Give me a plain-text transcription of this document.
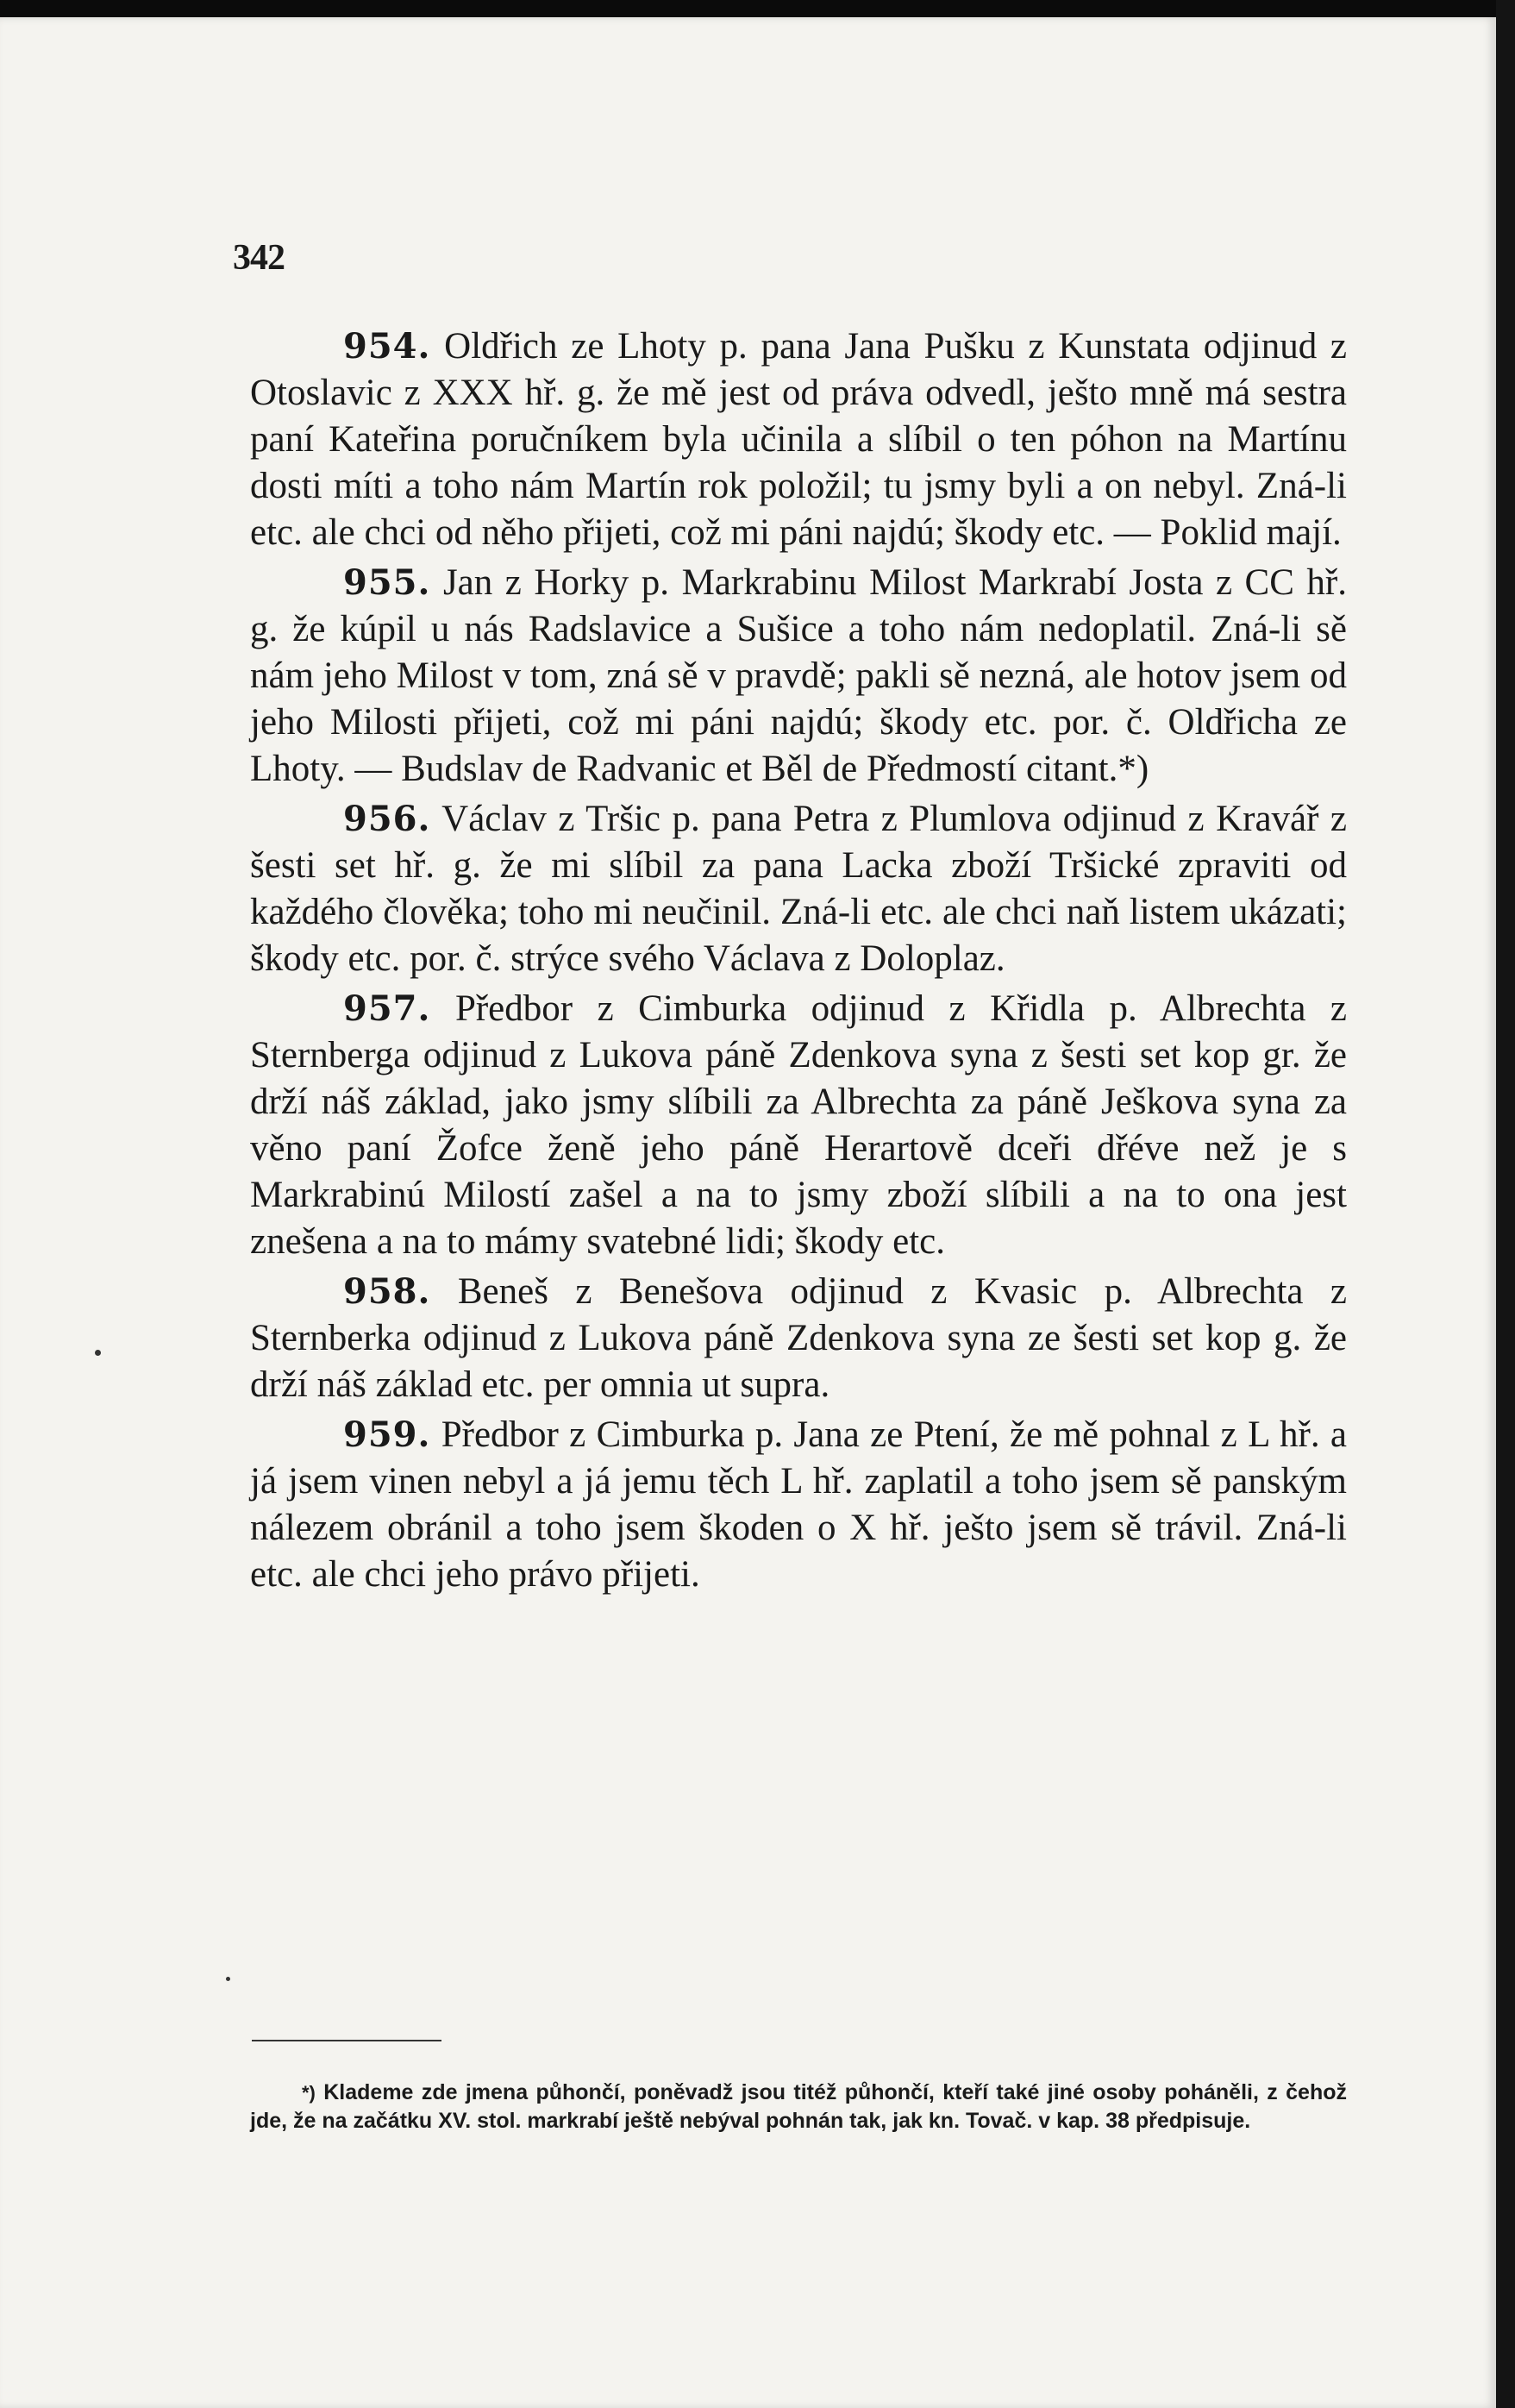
342

954. Oldřich ze Lhoty p. pana Jana Pušku z Kunstata odjinud z Otoslavic z XXX hř. g. že mě jest od práva odvedl, ješto mně má sestra paní Kateřina poručníkem byla učinila a slíbil o ten póhon na Martínu dosti míti a toho nám Martín rok položil; tu jsmy byli a on nebyl. Zná-li etc. ale chci od něho přijeti, což mi páni najdú; škody etc. — Poklid mají.

955. Jan z Horky p. Markrabinu Milost Markrabí Josta z CC hř. g. že kúpil u nás Radslavice a Sušice a toho nám nedoplatil. Zná-li sě nám jeho Milost v tom, zná sě v pravdě; pakli sě nezná, ale hotov jsem od jeho Milosti přijeti, což mi páni najdú; škody etc. por. č. Oldřicha ze Lhoty. — Budslav de Radvanic et Běl de Předmostí citant.*)

956. Václav z Tršic p. pana Petra z Plumlova odjinud z Kravář z šesti set hř. g. že mi slíbil za pana Lacka zboží Tršické zpraviti od každého člověka; toho mi neučinil. Zná-li etc. ale chci naň listem ukázati; škody etc. por. č. strýce svého Václava z Doloplaz.

957. Předbor z Cimburka odjinud z Křidla p. Albrechta z Sternberga odjinud z Lukova páně Zdenkova syna z šesti set kop gr. že drží náš základ, jako jsmy slíbili za Albrechta za páně Ješkova syna za věno paní Žofce ženě jeho páně Herartově dceři dřéve než je s Markrabinú Milostí zašel a na to jsmy zboží slíbili a na to ona jest znešena a na to mámy svatebné lidi; škody etc.

958. Beneš z Benešova odjinud z Kvasic p. Albrechta z Sternberka odjinud z Lukova páně Zdenkova syna ze šesti set kop g. že drží náš základ etc. per omnia ut supra.

959. Předbor z Cimburka p. Jana ze Ptení, že mě pohnal z L hř. a já jsem vinen nebyl a já jemu těch L hř. zaplatil a toho jsem sě panským nálezem obránil a toho jsem škoden o X hř. ješto jsem sě trávil. Zná-li etc. ale chci jeho právo přijeti.

*) Klademe zde jmena půhončí, poněvadž jsou titéž půhončí, kteří také jiné osoby poháněli, z čehož jde, že na začátku XV. stol. markrabí ještě nebýval pohnán tak, jak kn. Tovač. v kap. 38 předpisuje.
